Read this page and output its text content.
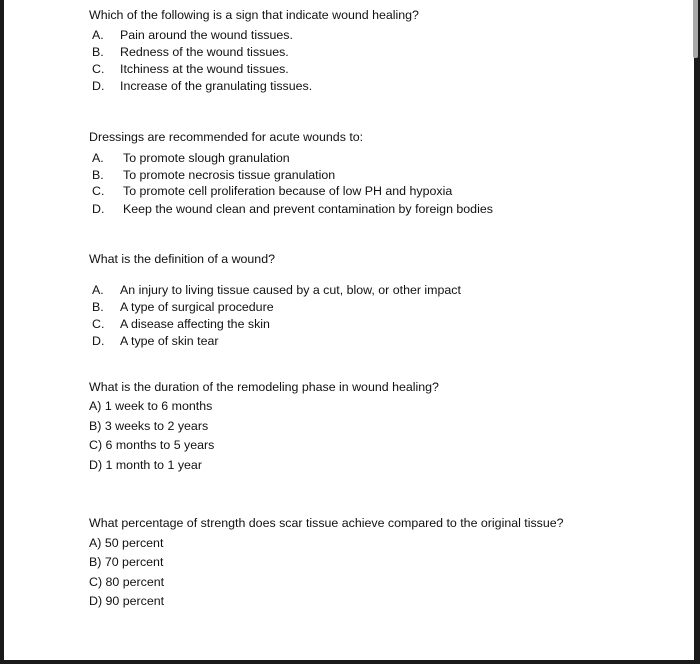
Which of the following is a sign that indicate wound healing?
A. Pain around the wound tissues.
B. Redness of the wound tissues.
C. Itchiness at the wound tissues.
D. Increase of the granulating tissues.
Dressings are recommended for acute wounds to:
A. To promote slough granulation
B. To promote necrosis tissue granulation
C. To promote cell proliferation because of low PH and hypoxia
D. Keep the wound clean and prevent contamination by foreign bodies
What is the definition of a wound?
A. An injury to living tissue caused by a cut, blow, or other impact
B. A type of surgical procedure
C. A disease affecting the skin
D. A type of skin tear
What is the duration of the remodeling phase in wound healing?
A) 1 week to 6 months
B) 3 weeks to 2 years
C) 6 months to 5 years
D) 1 month to 1 year
What percentage of strength does scar tissue achieve compared to the original tissue?
A) 50 percent
B) 70 percent
C) 80 percent
D) 90 percent
